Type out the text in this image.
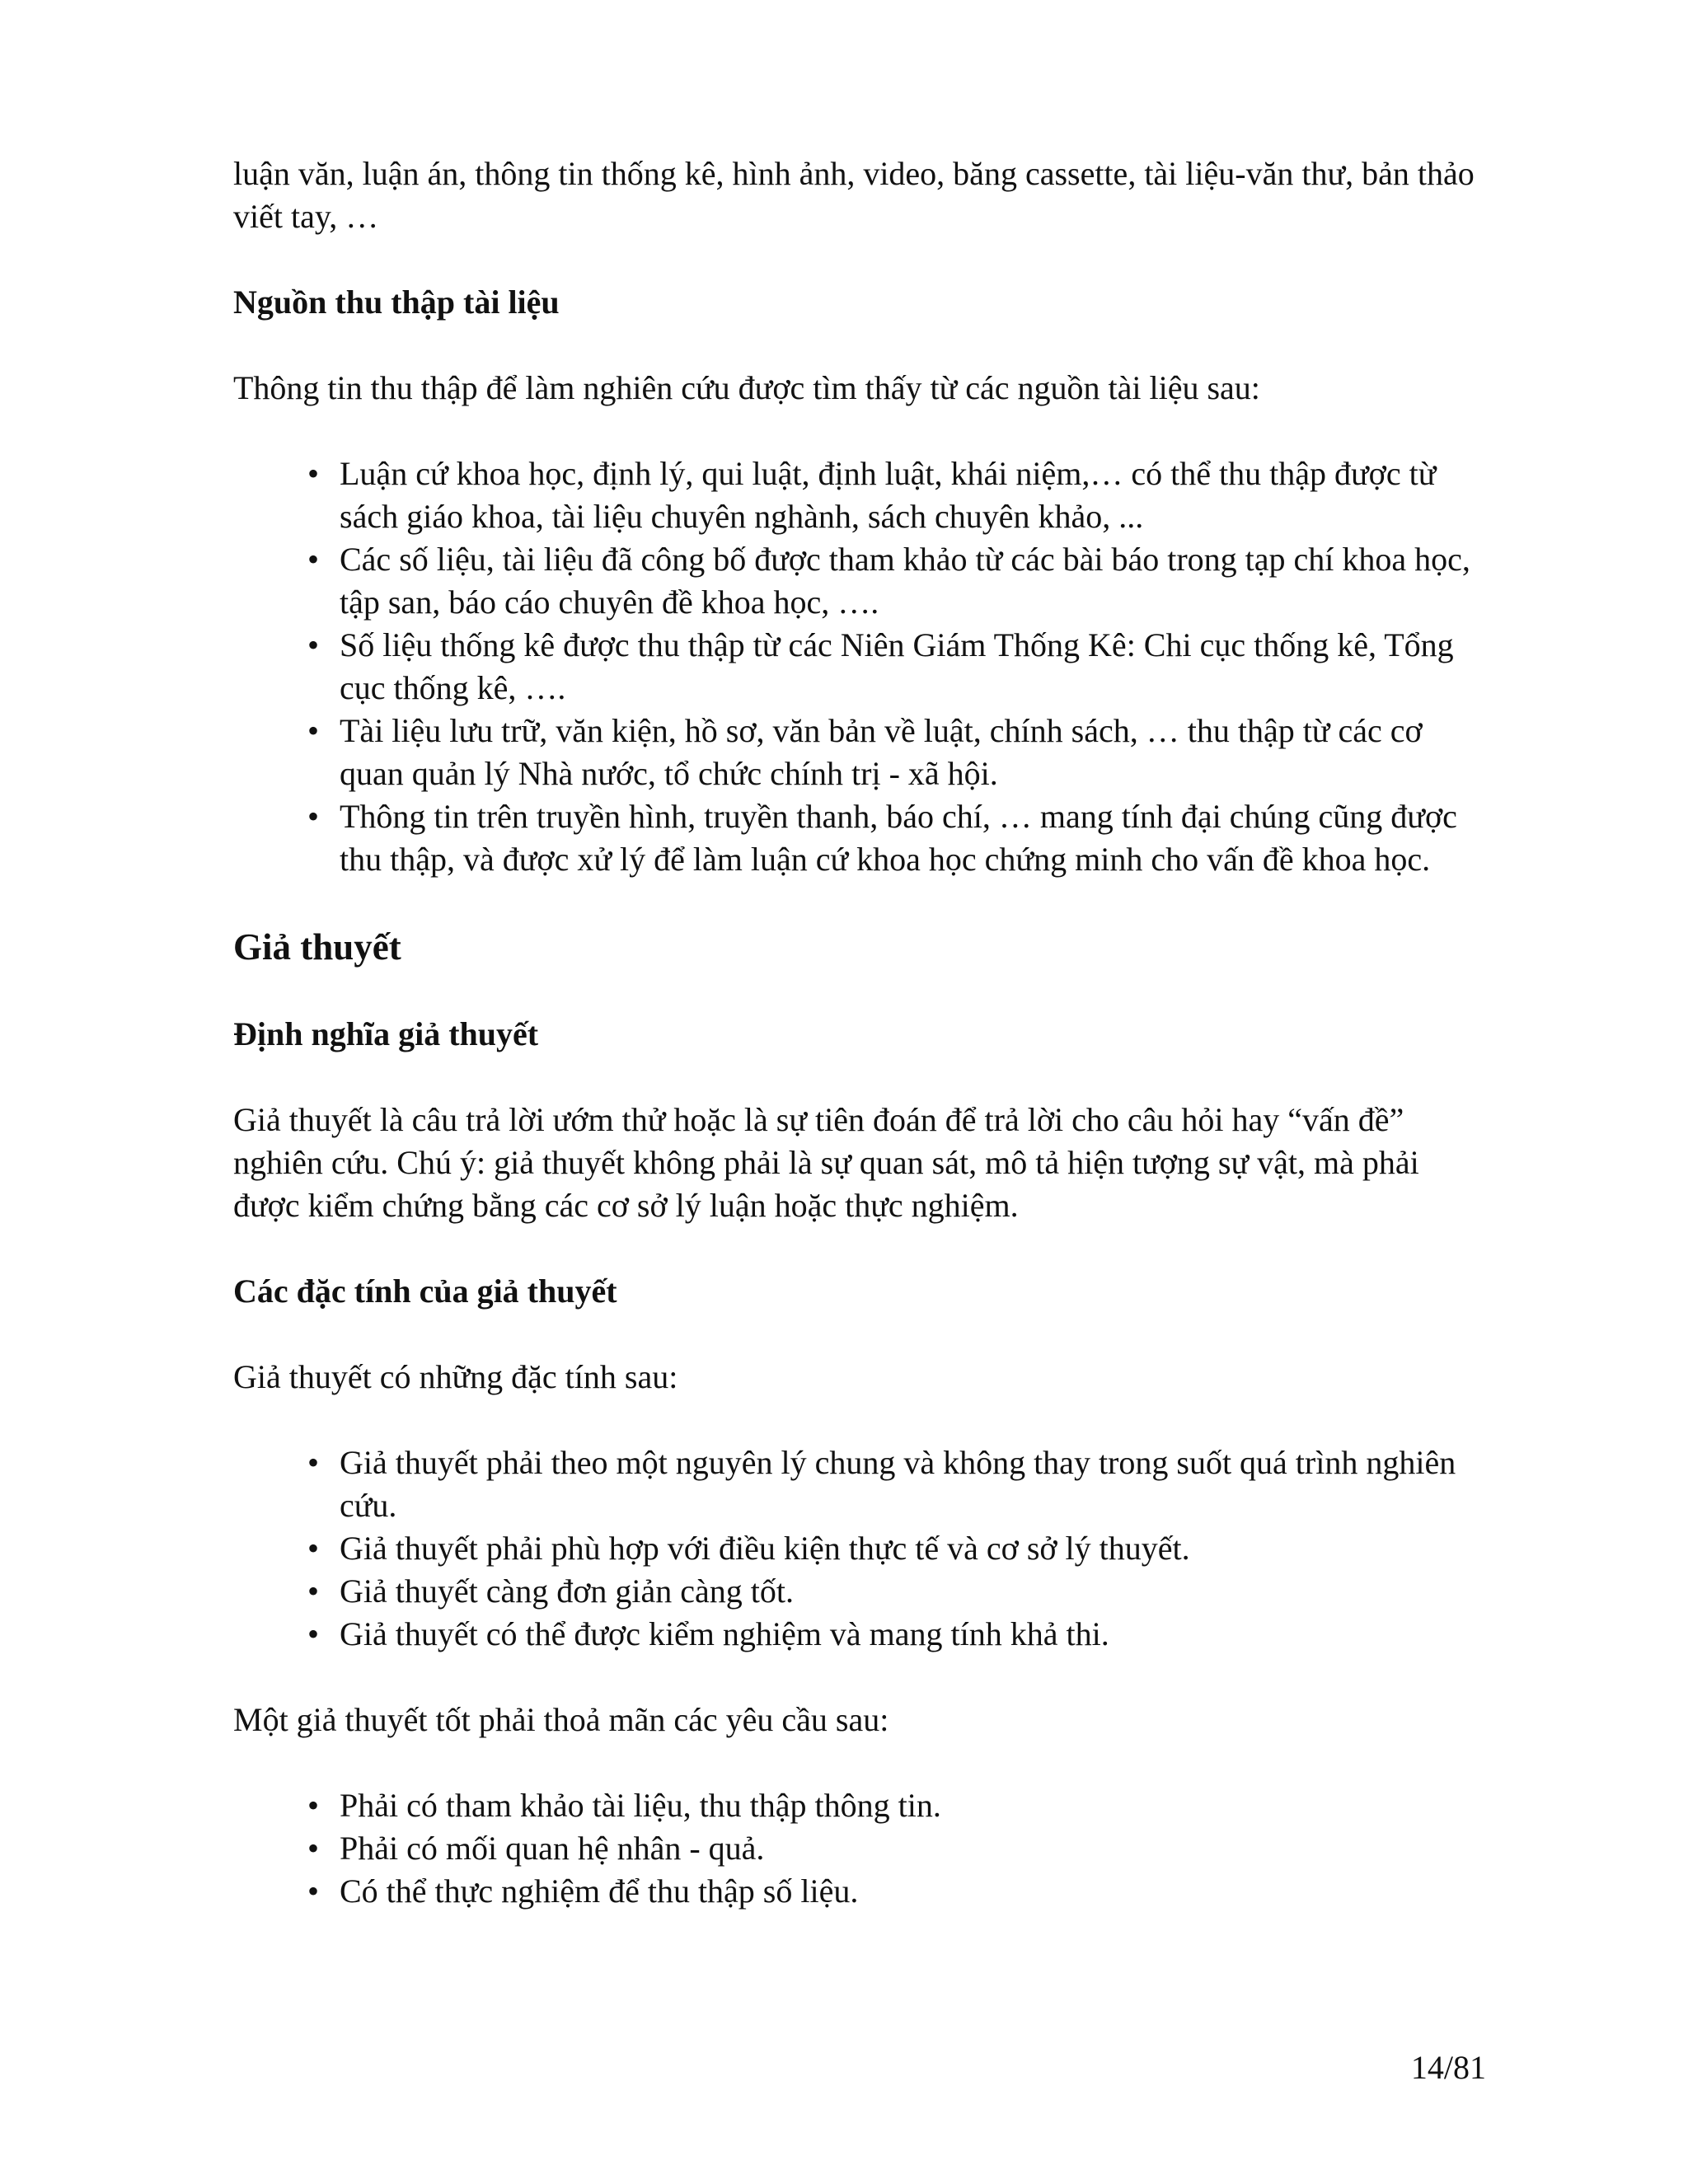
luận văn, luận án, thông tin thống kê, hình ảnh, video, băng cassette, tài liệu-văn thư, bản thảo viết tay, …

Nguồn thu thập tài liệu

Thông tin thu thập để làm nghiên cứu được tìm thấy từ các nguồn tài liệu sau:

• Luận cứ khoa học, định lý, qui luật, định luật, khái niệm,… có thể thu thập được từ sách giáo khoa, tài liệu chuyên nghành, sách chuyên khảo, ...
• Các số liệu, tài liệu đã công bố được tham khảo từ các bài báo trong tạp chí khoa học, tập san, báo cáo chuyên đề khoa học, ….
• Số liệu thống kê được thu thập từ các Niên Giám Thống Kê: Chi cục thống kê, Tổng cục thống kê, ….
• Tài liệu lưu trữ, văn kiện, hồ sơ, văn bản về luật, chính sách, … thu thập từ các cơ quan quản lý Nhà nước, tổ chức chính trị - xã hội.
• Thông tin trên truyền hình, truyền thanh, báo chí, … mang tính đại chúng cũng được thu thập, và được xử lý để làm luận cứ khoa học chứng minh cho vấn đề khoa học.
Giả thuyết
Định nghĩa giả thuyết

Giả thuyết là câu trả lời ướm thử hoặc là sự tiên đoán để trả lời cho câu hỏi hay “vấn đề” nghiên cứu. Chú ý: giả thuyết không phải là sự quan sát, mô tả hiện tượng sự vật, mà phải được kiểm chứng bằng các cơ sở lý luận hoặc thực nghiệm.

Các đặc tính của giả thuyết

Giả thuyết có những đặc tính sau:

• Giả thuyết phải theo một nguyên lý chung và không thay trong suốt quá trình nghiên cứu.
• Giả thuyết phải phù hợp với điều kiện thực tế và cơ sở lý thuyết.
• Giả thuyết càng đơn giản càng tốt.
• Giả thuyết có thể được kiểm nghiệm và mang tính khả thi.

Một giả thuyết tốt phải thoả mãn các yêu cầu sau:

• Phải có tham khảo tài liệu, thu thập thông tin.
• Phải có mối quan hệ nhân - quả.
• Có thể thực nghiệm để thu thập số liệu.
14/81
